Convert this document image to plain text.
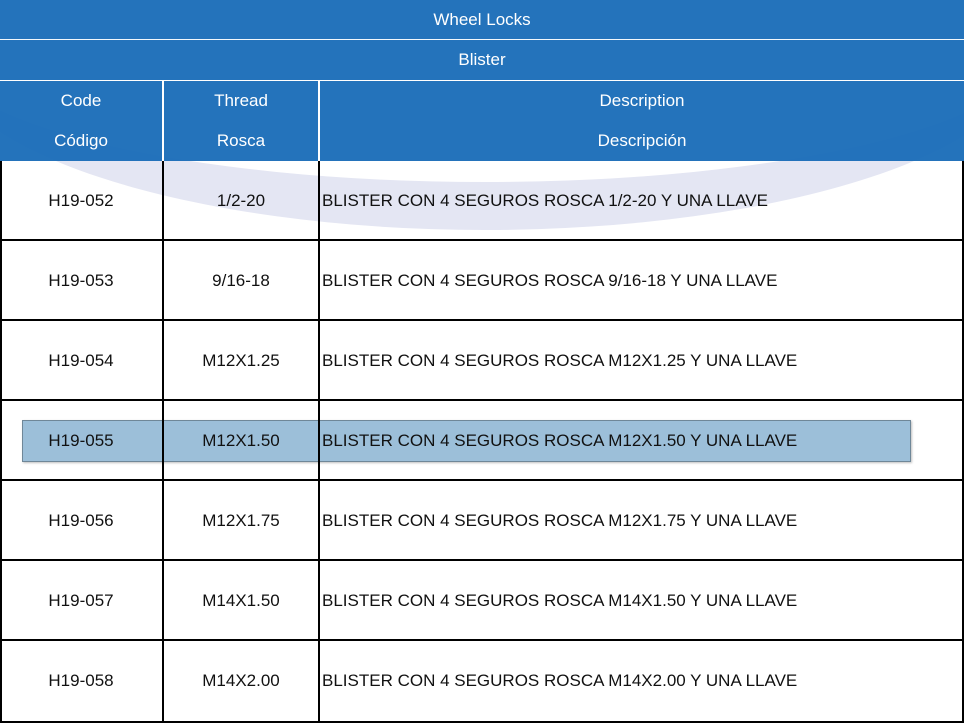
Wheel Locks
Blister
Code	Thread	Description
Código	Rosca	Descripción
H19-052	1/2-20	BLISTER CON 4 SEGUROS ROSCA 1/2-20 Y UNA LLAVE
H19-053	9/16-18	BLISTER CON 4 SEGUROS ROSCA 9/16-18 Y UNA LLAVE
H19-054	M12X1.25	BLISTER CON 4 SEGUROS ROSCA M12X1.25 Y UNA LLAVE
H19-055	M12X1.50	BLISTER CON 4 SEGUROS ROSCA M12X1.50 Y UNA LLAVE
H19-056	M12X1.75	BLISTER CON 4 SEGUROS ROSCA M12X1.75 Y UNA LLAVE
H19-057	M14X1.50	BLISTER CON 4 SEGUROS ROSCA M14X1.50 Y UNA LLAVE
H19-058	M14X2.00	BLISTER CON 4 SEGUROS ROSCA M14X2.00 Y UNA LLAVE
